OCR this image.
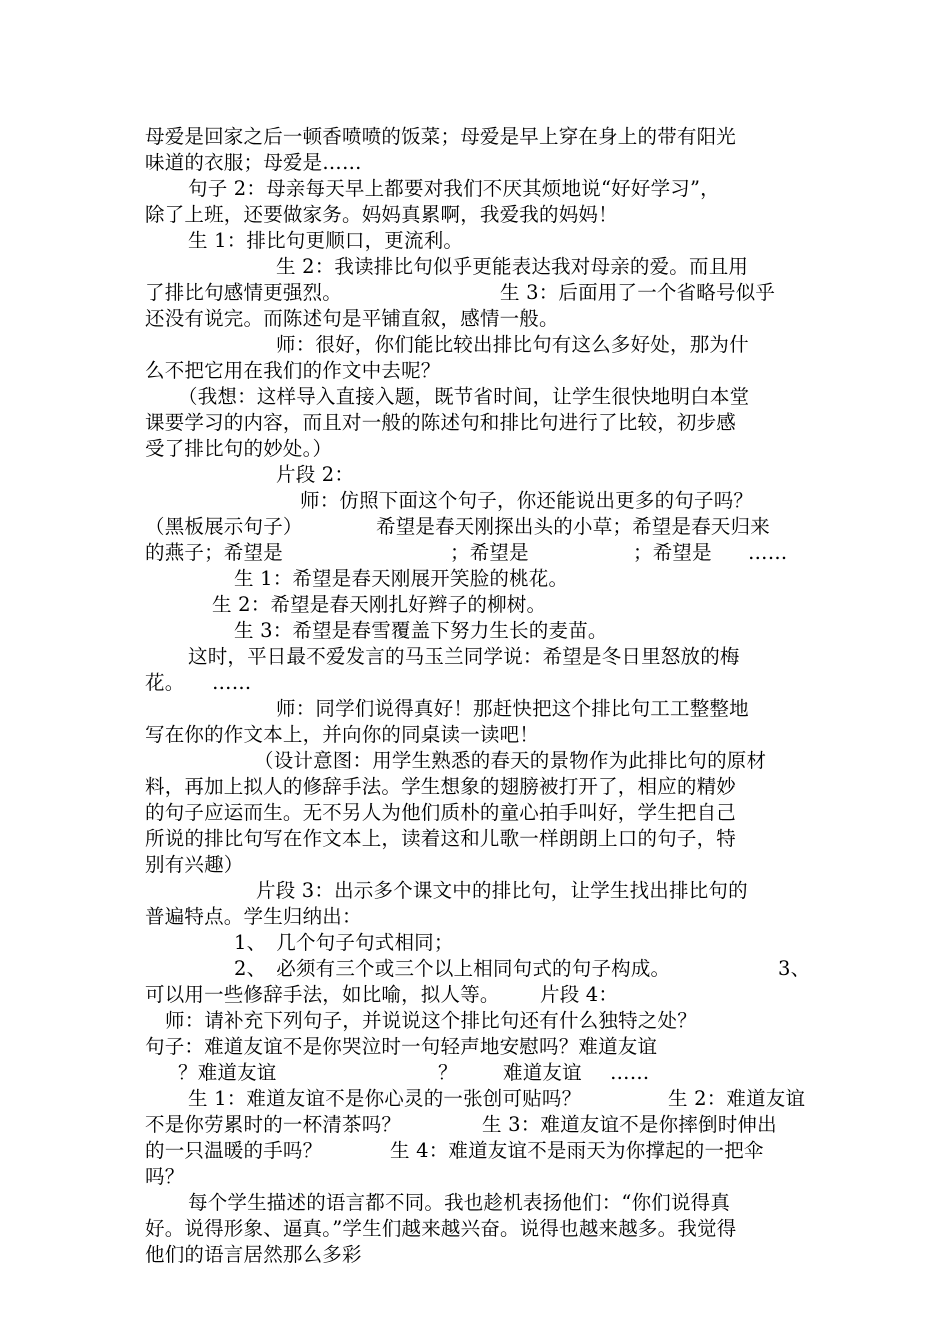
母爱是回家之后一顿香喷喷的饭菜；母爱是早上穿在身上的带有阳光
味道的衣服；母爱是……
句子 2：母亲每天早上都要对我们不厌其烦地说“好好学习”，
除了上班，还要做家务。妈妈真累啊，我爱我的妈妈！
生 1：排比句更顺口，更流利。
生 2：我读排比句似乎更能表达我对母亲的爱。而且用
了排比句感情更强烈。	生 3：后面用了一个省略号似乎
还没有说完。而陈述句是平铺直叙，感情一般。
师：很好，你们能比较出排比句有这么多好处，那为什
么不把它用在我们的作文中去呢？
（我想：这样导入直接入题，既节省时间，让学生很快地明白本堂
课要学习的内容，而且对一般的陈述句和排比句进行了比较，初步感
受了排比句的妙处。）
片段 2：
师：仿照下面这个句子，你还能说出更多的句子吗？
（黑板展示句子）	希望是春天刚探出头的小草；希望是春天归来
的燕子；希望是	；希望是	；希望是 ……
生 1：希望是春天刚展开笑脸的桃花。
生 2：希望是春天刚扎好辫子的柳树。
生 3：希望是春雪覆盖下努力生长的麦苗。
这时，平日最不爱发言的马玉兰同学说：希望是冬日里怒放的梅
花。 ……
师：同学们说得真好！那赶快把这个排比句工工整整地
写在你的作文本上，并向你的同桌读一读吧！
（设计意图：用学生熟悉的春天的景物作为此排比句的原材
料，再加上拟人的修辞手法。学生想象的翅膀被打开了，相应的精妙
的句子应运而生。无不另人为他们质朴的童心拍手叫好，学生把自己
所说的排比句写在作文本上，读着这和儿歌一样朗朗上口的句子，特
别有兴趣）
片段 3：出示多个课文中的排比句，让学生找出排比句的
普遍特点。学生归纳出：
1、　几个句子句式相同；
2、　必须有三个或三个以上相同句式的句子构成。	3、
可以用一些修辞手法，如比喻，拟人等。 片段 4：
师：请补充下列句子，并说说这个排比句还有什么独特之处？
句子：难道友谊不是你哭泣时一句轻声地安慰吗？难道友谊
？难道友谊	？ 难道友谊 ……
生 1：难道友谊不是你心灵的一张创可贴吗？	生 2：难道友谊
不是你劳累时的一杯清茶吗？	生 3：难道友谊不是你摔倒时伸出
的一只温暖的手吗？	生 4：难道友谊不是雨天为你撑起的一把伞
吗？
每个学生描述的语言都不同。我也趁机表扬他们：“你们说得真
好。说得形象、逼真。”学生们越来越兴奋。说得也越来越多。我觉得
他们的语言居然那么多彩
